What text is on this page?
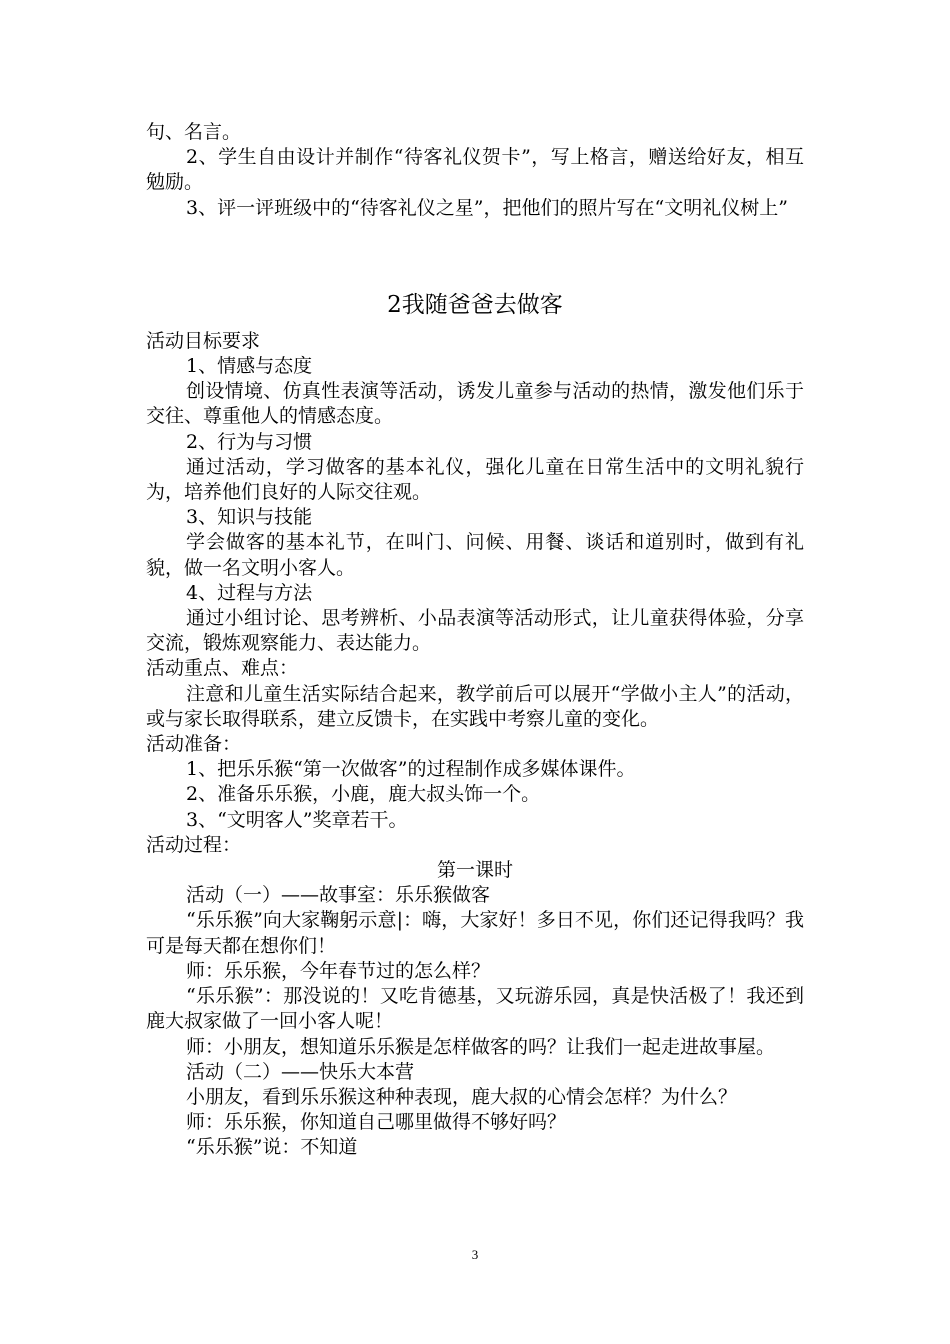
句、名言。

2、学生自由设计并制作“待客礼仪贺卡”，写上格言，赠送给好友，相互勉励。

3、评一评班级中的“待客礼仪之星”，把他们的照片写在“文明礼仪树上”

2我随爸爸去做客

活动目标要求

1、情感与态度

创设情境、仿真性表演等活动，诱发儿童参与活动的热情，激发他们乐于交往、尊重他人的情感态度。

2、行为与习惯

通过活动，学习做客的基本礼仪，强化儿童在日常生活中的文明礼貌行为，培养他们良好的人际交往观。

3、知识与技能

学会做客的基本礼节，在叫门、问候、用餐、谈话和道别时，做到有礼貌，做一名文明小客人。

4、过程与方法

通过小组讨论、思考辨析、小品表演等活动形式，让儿童获得体验，分享交流，锻炼观察能力、表达能力。

活动重点、难点：

注意和儿童生活实际结合起来，教学前后可以展开“学做小主人”的活动，或与家长取得联系，建立反馈卡，在实践中考察儿童的变化。

活动准备：

1、把乐乐猴“第一次做客”的过程制作成多媒体课件。

2、准备乐乐猴，小鹿，鹿大叔头饰一个。

3、“文明客人”奖章若干。

活动过程：

第一课时

活动（一）——故事室：乐乐猴做客

“乐乐猴”向大家鞠躬示意|：嗨，大家好！多日不见，你们还记得我吗？我可是每天都在想你们！

师：乐乐猴，今年春节过的怎么样？

“乐乐猴”：那没说的！又吃肯德基，又玩游乐园，真是快活极了！我还到鹿大叔家做了一回小客人呢！

师：小朋友，想知道乐乐猴是怎样做客的吗？让我们一起走进故事屋。

活动（二）——快乐大本营

小朋友，看到乐乐猴这种种表现，鹿大叔的心情会怎样？为什么？

师：乐乐猴，你知道自己哪里做得不够好吗？

“乐乐猴”说：不知道

3
